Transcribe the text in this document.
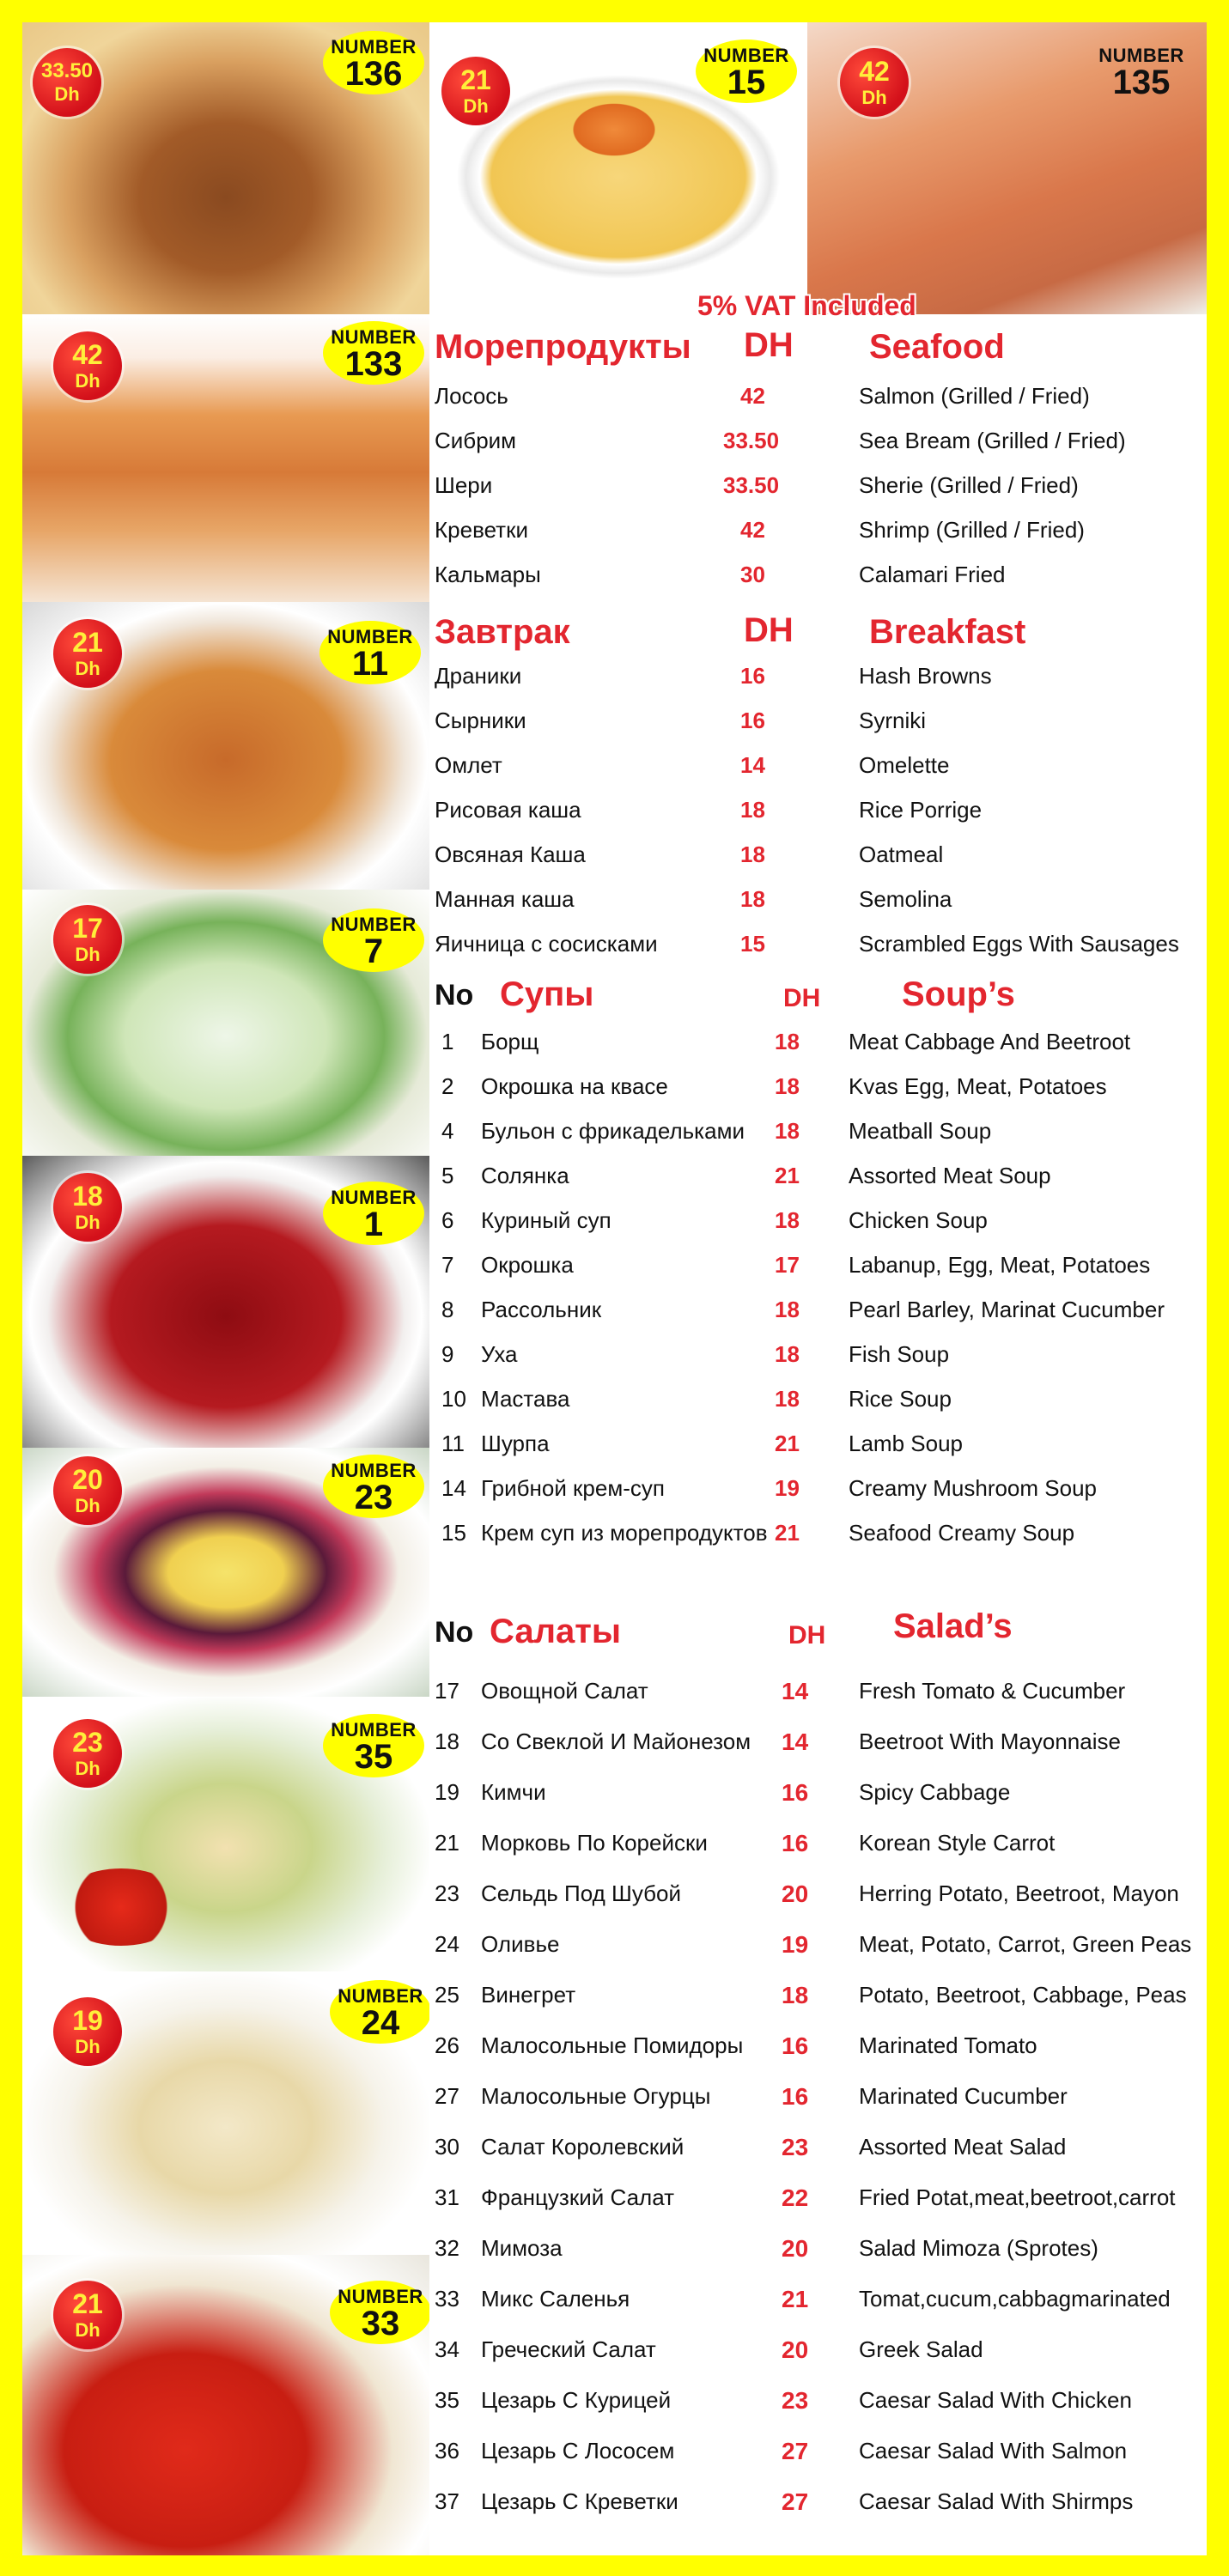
33.50
Dh
NUMBER
136	21
Dh
NUMBER
15	42
Dh
NUMBER
135
5% VAT Included
42
Dh
NUMBER
133
21
Dh
NUMBER
11
17
Dh
NUMBER
7
18
Dh
NUMBER
1
20
Dh
NUMBER
23
23
Dh
NUMBER
35
19
Dh
NUMBER
24
21
Dh
NUMBER
33
Морепродукты DH Seafood
Завтрак	DH Breakfast
No Супы	DH Soup’s
No Салаты	DH Salad’s
Лосось	42	Salmon (Grilled / Fried)
Сибрим	33.50	Sea Bream (Grilled / Fried)
Шери	33.50	Sherie (Grilled / Fried)
Креветки	42	Shrimp (Grilled / Fried)
Кальмары	30	Calamari Fried
Драники	16	Hash Browns
Сырники	16	Syrniki
Омлет	14	Omelette
Рисовая каша	18	Rice Porrige
Овсяная Каша	18	Oatmeal
Манная каша	18	Semolina
Яичница с сосисками	15	Scrambled Eggs With Sausages
1 Борщ	18 Meat Cabbage And Beetroot
2 Окрошка на квасе	18 Kvas Egg, Meat, Potatoes
4 Бульон с фрикадельками 18 Meatball Soup
5 Солянка	21 Assorted Meat Soup
6 Куриный суп	18 Chicken Soup
7 Окрошка	17 Labanup, Egg, Meat, Potatoes
8 Рассольник	18 Pearl Barley, Marinat Cucumber
9 Уха	18 Fish Soup
10 Мастава	18 Rice Soup
11 Шурпа	21 Lamb Soup
14 Грибной крем-суп	19 Creamy Mushroom Soup
15 Крем суп из морепродуктов 21 Seafood Creamy Soup
17 Овощной Салат	14 Fresh Tomato & Cucumber
18 Со Свеклой И Майонезом 14 Beetroot With Mayonnaise
19 Кимчи	16 Spicy Cabbage
21 Морковь По Корейски	16 Korean Style Carrot
23 Сельдь Под Шубой	20 Herring Potato, Beetroot, Mayon
24 Оливье	19 Meat, Potato, Carrot, Green Peas
25 Винегрет	18 Potato, Beetroot, Cabbage, Peas
26 Малосольные Помидоры 16 Marinated Tomato
27 Малосольные Огурцы	16 Marinated Cucumber
30 Салат Королевский	23 Assorted Meat Salad
31 Французкий Салат	22 Fried Potat,meat,beetroot,carrot
32 Мимоза	20 Salad Mimoza (Sprotes)
33 Микс Саленья	21 Tomat,cucum,cabbagmarinated
34 Греческий Салат	20 Greek Salad
35 Цезарь С Курицей	23 Caesar Salad With Chicken
36 Цезарь С Лососем	27 Caesar Salad With Salmon
37 Цезарь С Креветки	27 Caesar Salad With Shirmps
